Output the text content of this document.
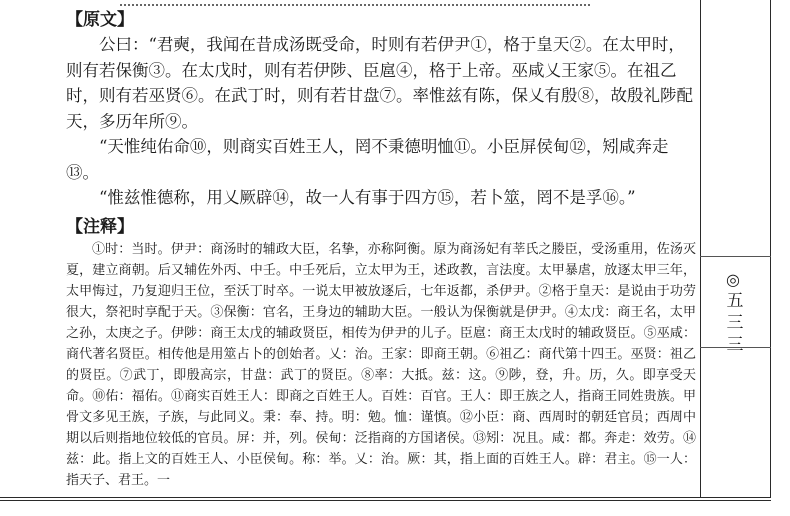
【原文】

公曰：“君奭，我闻在昔成汤既受命，时则有若伊尹①，格于皇天②。在太甲时，则有若保衡③。在太戊时，则有若伊陟、臣扈④，格于上帝。巫咸乂王家⑤。在祖乙时，则有若巫贤⑥。在武丁时，则有若甘盘⑦。率惟兹有陈，保乂有殷⑧，故殷礼陟配天，多历年所⑨。

“天惟纯佑命⑩，则商实百姓王人，罔不秉德明恤⑪。小臣屏侯甸⑫，矧咸奔走⑬。

“惟兹惟德称，用乂厥辟⑭，故一人有事于四方⑮，若卜筮，罔不是孚⑯。”

【注释】

①时：当时。伊尹：商汤时的辅政大臣，名挚，亦称阿衡。原为商汤妃有莘氏之媵臣，受汤重用，佐汤灭夏，建立商朝。后又辅佐外丙、中壬。中壬死后，立太甲为王，述政教，言法度。太甲暴虐，放逐太甲三年，太甲悔过，乃复迎归王位，至沃丁时卒。一说太甲被放逐后，七年返都，杀伊尹。②格于皇天：是说由于功劳很大，祭祀时享配于天。③保衡：官名，王身边的辅助大臣。一般认为保衡就是伊尹。④太戊：商王名，太甲之孙，太庚之子。伊陟：商王太戊的辅政贤臣，相传为伊尹的儿子。臣扈：商王太戊时的辅政贤臣。⑤巫咸：商代著名贤臣。相传他是用筮占卜的创始者。乂：治。王家：即商王朝。⑥祖乙：商代第十四王。巫贤：祖乙的贤臣。⑦武丁，即殷高宗，甘盘：武丁的贤臣。⑧率：大抵。兹：这。⑨陟，登，升。历，久。即享受天命。⑩佑：福佑。⑪商实百姓王人：即商之百姓王人。百姓：百官。王人：即王族之人，指商王同姓贵族。甲骨文多见王族，子族，与此同义。秉：奉、持。明：勉。恤：谨慎。⑫小臣：商、西周时的朝廷官员；西周中期以后则指地位较低的官员。屏：并，列。侯甸：泛指商的方国诸侯。⑬矧：况且。咸：都。奔走：效劳。⑭兹：此。指上文的百姓王人、小臣侯甸。称：举。乂：治。厥：其，指上面的百姓王人。辟：君主。⑮一人：指天子、君王。一

◎
五
三
三
